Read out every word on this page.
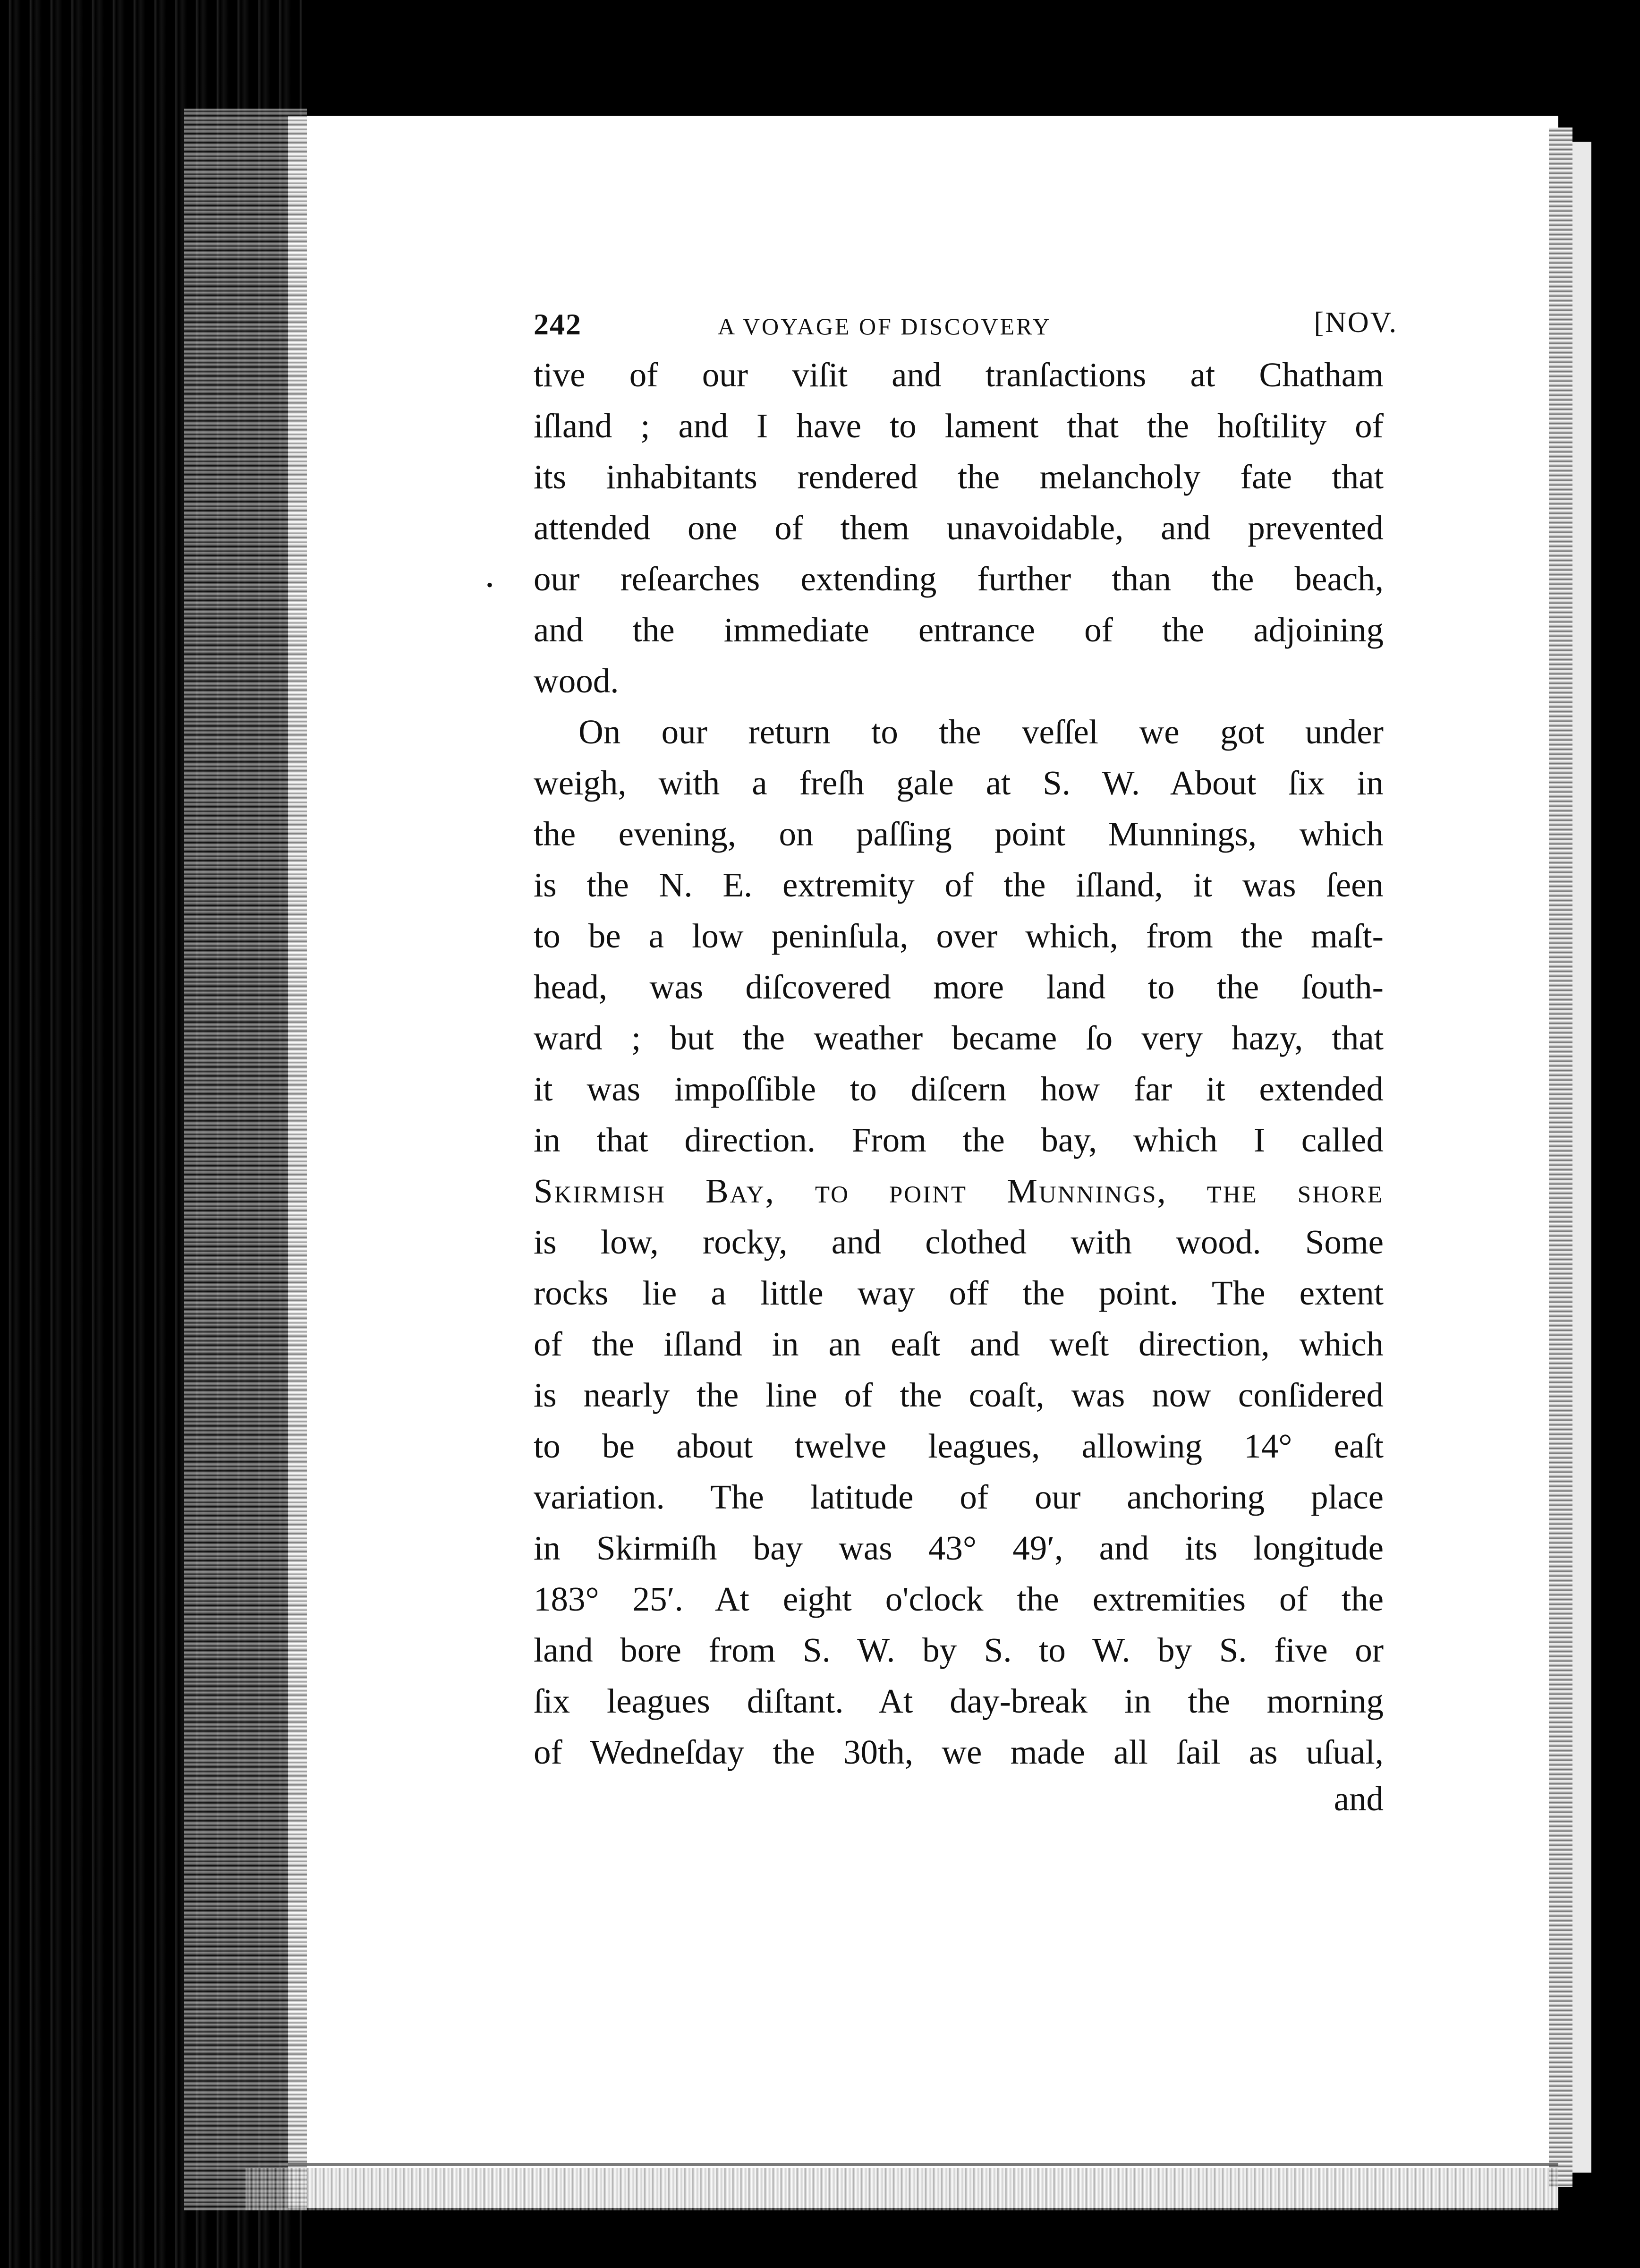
242	A VOYAGE OF DISCOVERY	[NOV.
•
tive of our viſit and tranſactions at Chatham
iſland ; and I have to lament that the hoſtility of
its inhabitants rendered the melancholy fate that
attended one of them unavoidable, and prevented
our reſearches extending further than the beach,
and the immediate entrance of the adjoining
wood.
On our return to the veſſel we got under
weigh, with a freſh gale at S. W. About ſix in
the evening, on paſſing point Munnings, which
is the N. E. extremity of the iſland, it was ſeen
to be a low peninſula, over which, from the maſt-
head, was diſcovered more land to the ſouth-
ward ; but the weather became ſo very hazy, that
it was impoſſible to diſcern how far it extended
in that direction. From the bay, which I called
Skirmish Bay, to point Munnings, the ſhore
is low, rocky, and clothed with wood. Some
rocks lie a little way off the point. The extent
of the iſland in an eaſt and weſt direction, which
is nearly the line of the coaſt, was now conſidered
to be about twelve leagues, allowing 14° eaſt
variation. The latitude of our anchoring place
in Skirmiſh bay was 43° 49′, and its longitude
183° 25′. At eight o'clock the extremities of the
land bore from S. W. by S. to W. by S. five or
ſix leagues diſtant. At day-break in the morning
of Wedneſday the 30th, we made all ſail as uſual,
and
